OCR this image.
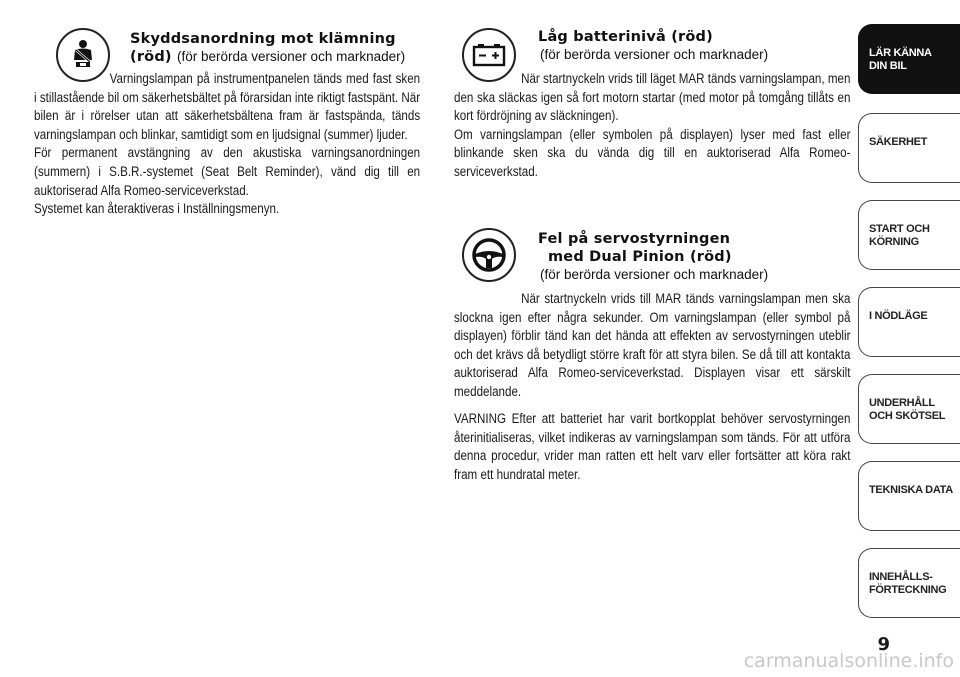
Skyddsanordning mot klämning
(röd) (för berörda versioner och marknader)

Varningslampan på instrumentpanelen tänds med fast sken i stillastående bil om säkerhetsbältet på förarsidan inte riktigt fastspänt. När bilen är i rörelser utan att säkerhetsbältena fram är fastspända, tänds varningslampan och blinkar, samtidigt som en ljudsignal (summer) ljuder.
För permanent avstängning av den akustiska varningsanordningen (summern) i S.B.R.-systemet (Seat Belt Reminder), vänd dig till en auktoriserad Alfa Romeo-serviceverkstad.
Systemet kan återaktiveras i Inställningsmenyn.

Låg batterinivå (röd)
(för berörda versioner och marknader)

När startnyckeln vrids till läget MAR tänds varningslampan, men den ska släckas igen så fort motorn startar (med motor på tomgång tillåts en kort fördröjning av släckningen).
Om varningslampan (eller symbolen på displayen) lyser med fast eller blinkande sken ska du vända dig till en auktoriserad Alfa Romeo-serviceverkstad.

Fel på servostyrningen
med Dual Pinion (röd)
(för berörda versioner och marknader)

När startnyckeln vrids till MAR tänds varningslampan men ska slockna igen efter några sekunder. Om varningslampan (eller symbol på displayen) förblir tänd kan det hända att effekten av servostyrningen uteblir och det krävs då betydligt större kraft för att styra bilen. Se då till att kontakta auktoriserad Alfa Romeo-serviceverkstad. Displayen visar ett särskilt meddelande.

VARNING Efter att batteriet har varit bortkopplat behöver servostyrningen återinitialiseras, vilket indikeras av varningslampan som tänds. För att utföra denna procedur, vrider man ratten ett helt varv eller fortsätter att köra rakt fram ett hundratal meter.

LÄR KÄNNA
DIN BIL
SÄKERHET
START OCH
KÖRNING
I NÖDLÄGE
UNDERHÅLL
OCH SKÖTSEL
TEKNISKA DATA
INNEHÅLLS-
FÖRTECKNING
9
carmanualsonline.info
